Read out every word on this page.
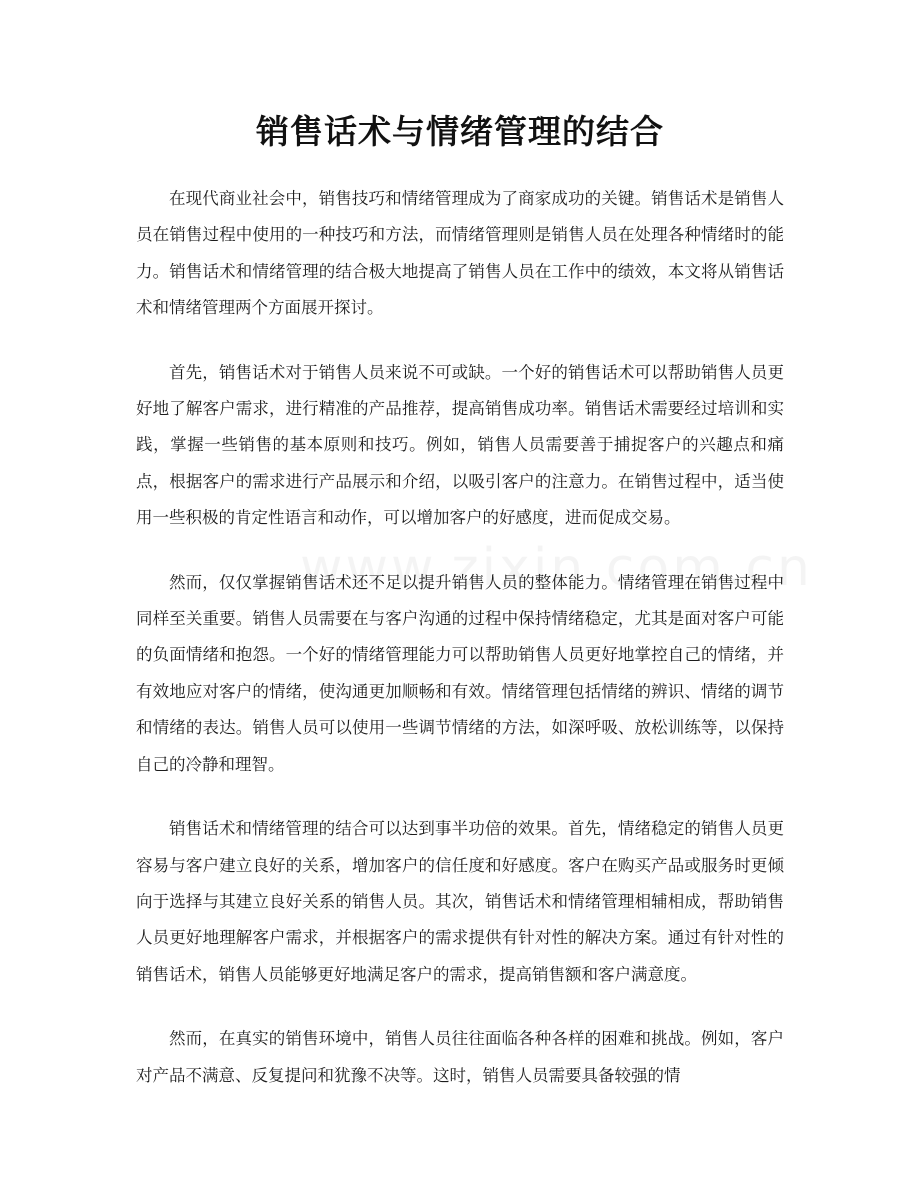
销售话术与情绪管理的结合

在现代商业社会中，销售技巧和情绪管理成为了商家成功的关键。销售话术是销售人员在销售过程中使用的一种技巧和方法，而情绪管理则是销售人员在处理各种情绪时的能力。销售话术和情绪管理的结合极大地提高了销售人员在工作中的绩效，本文将从销售话术和情绪管理两个方面展开探讨。

首先，销售话术对于销售人员来说不可或缺。一个好的销售话术可以帮助销售人员更好地了解客户需求，进行精准的产品推荐，提高销售成功率。销售话术需要经过培训和实践，掌握一些销售的基本原则和技巧。例如，销售人员需要善于捕捉客户的兴趣点和痛点，根据客户的需求进行产品展示和介绍，以吸引客户的注意力。在销售过程中，适当使用一些积极的肯定性语言和动作，可以增加客户的好感度，进而促成交易。

然而，仅仅掌握销售话术还不足以提升销售人员的整体能力。情绪管理在销售过程中同样至关重要。销售人员需要在与客户沟通的过程中保持情绪稳定，尤其是面对客户可能的负面情绪和抱怨。一个好的情绪管理能力可以帮助销售人员更好地掌控自己的情绪，并有效地应对客户的情绪，使沟通更加顺畅和有效。情绪管理包括情绪的辨识、情绪的调节和情绪的表达。销售人员可以使用一些调节情绪的方法，如深呼吸、放松训练等，以保持自己的冷静和理智。

销售话术和情绪管理的结合可以达到事半功倍的效果。首先，情绪稳定的销售人员更容易与客户建立良好的关系，增加客户的信任度和好感度。客户在购买产品或服务时更倾向于选择与其建立良好关系的销售人员。其次，销售话术和情绪管理相辅相成，帮助销售人员更好地理解客户需求，并根据客户的需求提供有针对性的解决方案。通过有针对性的销售话术，销售人员能够更好地满足客户的需求，提高销售额和客户满意度。

然而，在真实的销售环境中，销售人员往往面临各种各样的困难和挑战。例如，客户对产品不满意、反复提问和犹豫不决等。这时，销售人员需要具备较强的情
